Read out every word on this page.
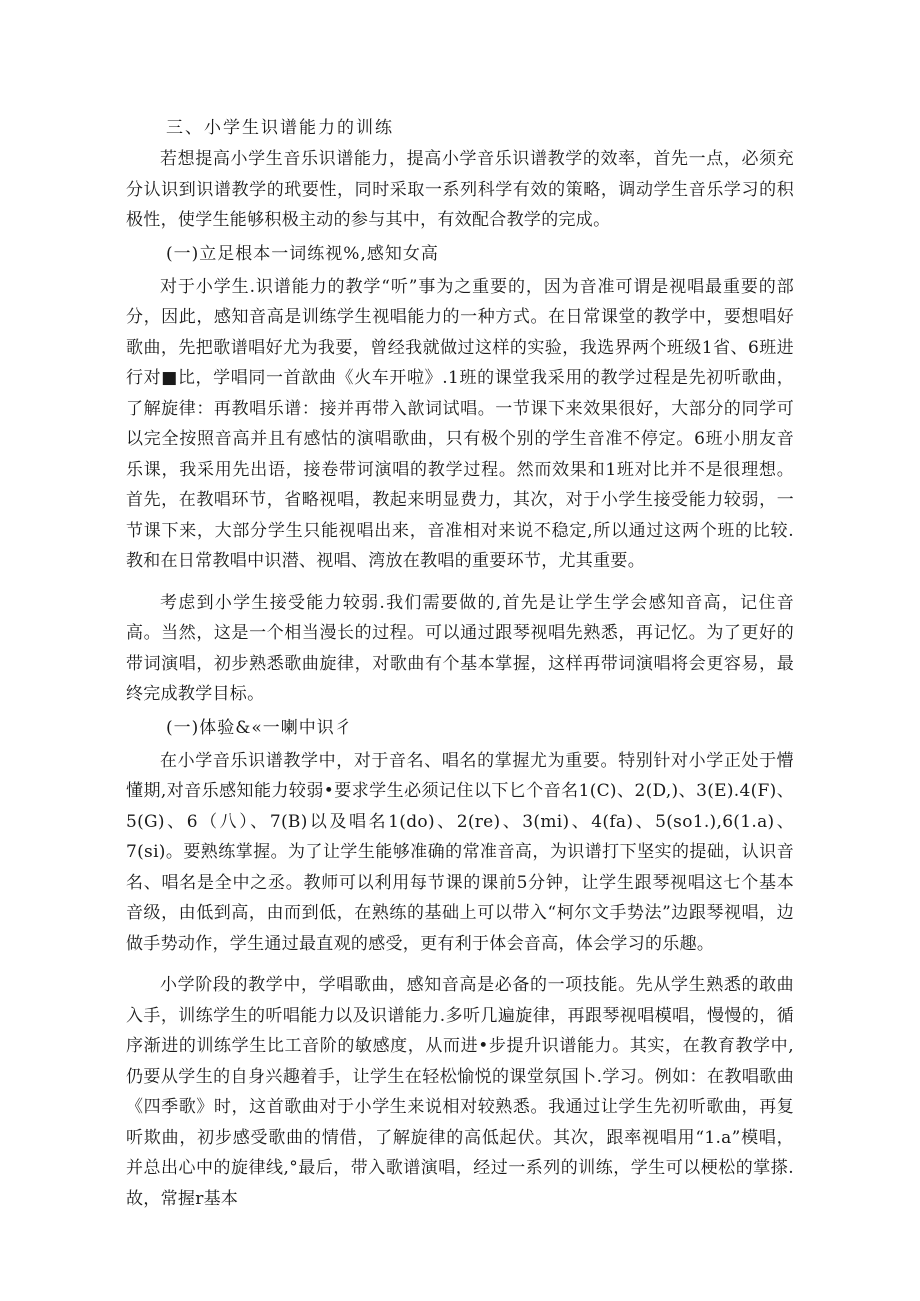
三、小学生识谱能力的训练

若想提高小学生音乐识谱能力，提高小学音乐识谱教学的效率，首先一点，必须充分认识到识谱教学的玳要性，同时采取一系列科学有效的策略，调动学生音乐学习的积极性，使学生能够积极主动的参与其中，有效配合教学的完成。

(一)立足根本一词练视%,感知女高

对于小学生.识谱能力的教学“听”事为之重要的，因为音准可谓是视唱最重要的部分，因此，感知音高是训练学生视唱能力的一种方式。在日常课堂的教学中，要想唱好歌曲，先把歌谱唱好尤为我要，曾经我就做过这样的实验，我选界两个班级1省、6班进行对■比，学唱同一首歆曲《火车开啦》.1班的课堂我采用的教学过程是先初听歌曲，了解旋律：再教唱乐谱：接并再带入歆词试唱。一节课下来效果很好，大部分的同学可以完全按照音高并且有感怙的演唱歌曲，只有极个别的学生音准不停定。6班小朋友音乐课，我采用先出语，接卷带诃演唱的教学过程。然而效果和1班对比并不是很理想。首先，在教唱环节，省略视唱，教起来明显费力，其次，对于小学生接受能力较弱，一节课下来，大部分学生只能视唱出来，音准相对来说不稳定,所以通过这两个班的比较.教和在日常教唱中识潜、视唱、湾放在教唱的重要环节，尤其重要。

考虑到小学生接受能力较弱.我们需要做的,首先是让学生学会感知音高，记住音高。当然，这是一个相当漫长的过程。可以通过跟琴视唱先熟悉，再记忆。为了更好的带词演唱，初步熟悉歌曲旋律，对歌曲有个基本掌握，这样再带词演唱将会更容易，最终完成教学目标。

(一)体验&«一喇中识彳

在小学音乐识谱教学中，对于音名、唱名的掌握尤为重要。特别针对小学正处于懵懂期,对音乐感知能力较弱•要求学生必须记住以下匕个音名1(C)、2(D,)、3(E).4(F)、5(G)、6（八）、7(B)以及唱名1(do)、2(re)、3(mi)、4(fa)、5(so1.),6(1.a)、7(si)。要熟练掌握。为了让学生能够准确的常准音高，为识谱打下坚实的提础，认识音名、唱名是全中之丞。教师可以利用每节课的课前5分钟，让学生跟琴视唱这七个基本音级，由低到高，由而到低，在熟练的基础上可以带入“柯尔文手势法”边跟琴视唱，边做手势动作，学生通过最直观的感受，更有利于体会音高，体会学习的乐趣。

小学阶段的教学中，学唱歌曲，感知音高是必备的一项技能。先从学生熟悉的敢曲入手，训练学生的听唱能力以及识谱能力.多听几遍旋律，再跟琴视唱模唱，慢慢的，循序渐进的训练学生比工音阶的敏感度，从而进•步提升识谱能力。其实，在教育教学中,仍要从学生的自身兴趣着手，让学生在轻松愉悦的课堂氛国卜.学习。例如：在教唱歌曲《四季歌》时，这首歌曲对于小学生来说相对较熟悉。我通过让学生先初听歌曲，再复听欺曲，初步感受歌曲的情借，了解旋律的高低起伏。其次，跟率视唱用“1.a”模唱，并总出心中的旋律线,°最后，带入歌谱演唱，经过一系列的训练，学生可以梗松的掌搽.故，常握r基本
